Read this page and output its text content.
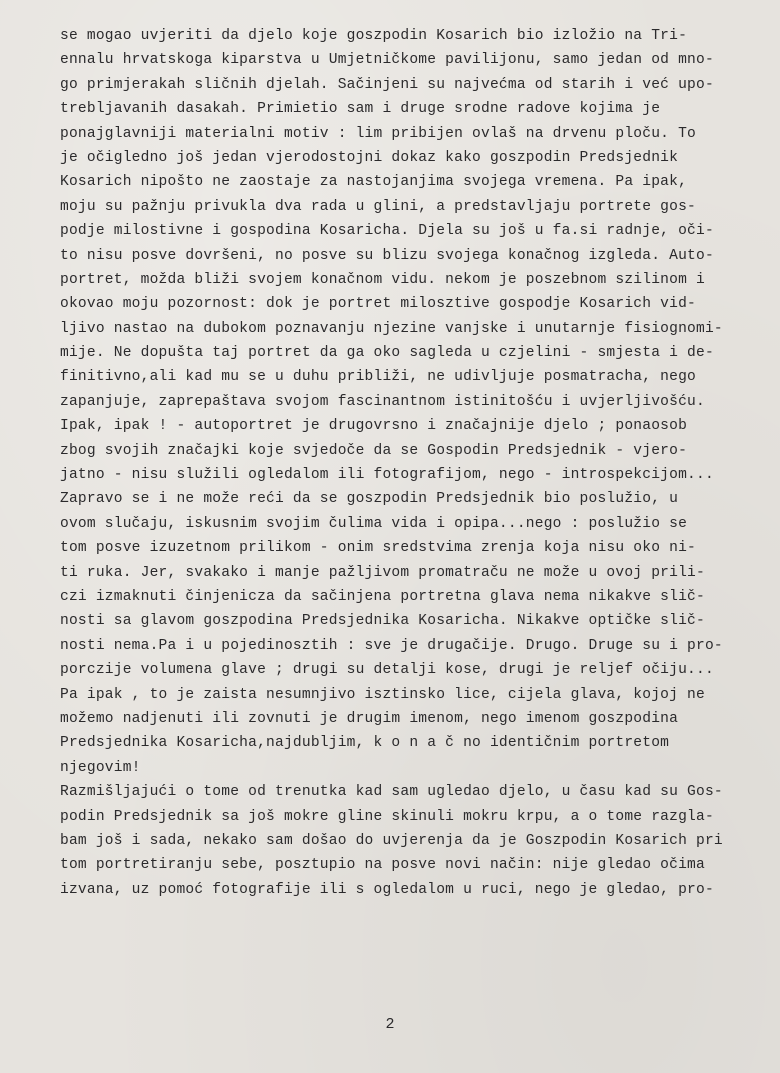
se mogao uvjeriti da djelo koje goszpodin Kosarich bio izložio na Tri-
ennalu hrvatskoga kiparstva u Umjetničkome pavilijonu, samo jedan od mno-
go primjerakah sličnih djelah. Sačinjeni su najvećma od starih i već upo-
trebljavanih dasakah. Primietio sam i druge srodne radove kojima je
ponajglavniji materialni motiv : lim pribijen ovlaš na drvenu ploču. To
je očigledno još jedan vjerodostojni dokaz kako goszpodin Predsjednik
Kosarich nipošto ne zaostaje za nastojanjima svojega vremena. Pa ipak,
moju su pažnju privukla dva rada u glini, a predstavljaju portrete gos-
podje milostivne i gospodina Kosaricha. Djela su još u fa.si radnje, oči-
to nisu posve dovršeni, no posve su blizu svojega konačnog izgleda. Auto-
portret, možda bliži svojem konačnom vidu. nekom je poszebnom szilinom i
okovao moju pozornost: dok je portret milosztive gospodje Kosarich vid-
ljivo nastao na dubokom poznavanju njezine vanjske i unutarnje fisiognomi-
mije. Ne dopušta taj portret da ga oko sagleda u czjelini - smjesta i de-
finitivno,ali kad mu se u duhu približi, ne udivljuje posmatracha, nego
zapanjuje, zaprepaštava svojom fascinantnom istinitošću i uvjerljivošću.
Ipak, ipak ! - autoportret je drugovrsno i značajnije djelo ; ponaosob
zbog svojih značajki koje svjedoče da se Gospodin Predsjednik - vjero-
jatno - nisu služili ogledalom ili fotografijom, nego - introspekcijom...
Zapravo se i ne može reći da se goszpodin Predsjednik bio poslužio, u
ovom slučaju, iskusnim svojim čulima vida i opipa...nego : poslužio se
tom posve izuzetnom prilikom - onim sredstvima zrenja koja nisu oko ni-
ti ruka. Jer, svakako i manje pažljivom promatraču ne može u ovoj prili-
czi izmaknuti činjenicza da sačinjena portretna glava nema nikakve slič-
nosti sa glavom goszpodina Predsjednika Kosaricha. Nikakve optičke slič-
nosti nema.Pa i u pojedinosztih : sve je drugačije. Drugo. Druge su i pro-
porczije volumena glave ; drugi su detalji kose, drugi je reljef očiju...
Pa ipak , to je zaista nesumnjivo isztinsko lice, cijela glava, kojoj ne
možemo nadjenuti ili zovnuti je drugim imenom, nego imenom goszpodina
Predsjednika Kosaricha,najdubljim, k o n a č no identičnim portretom
njegovim!
Razmišljajući o tome od trenutka kad sam ugledao djelo, u času kad su Gos-
podin Predsjednik sa još mokre gline skinuli mokru krpu, a o tome razgla-
bam još i sada, nekako sam došao do uvjerenja da je Goszpodin Kosarich pri
tom portretiranju sebe, posztupio na posve novi način: nije gledao očima
izvana, uz pomoć fotografije ili s ogledalom u ruci, nego je gledao, pro-
2
